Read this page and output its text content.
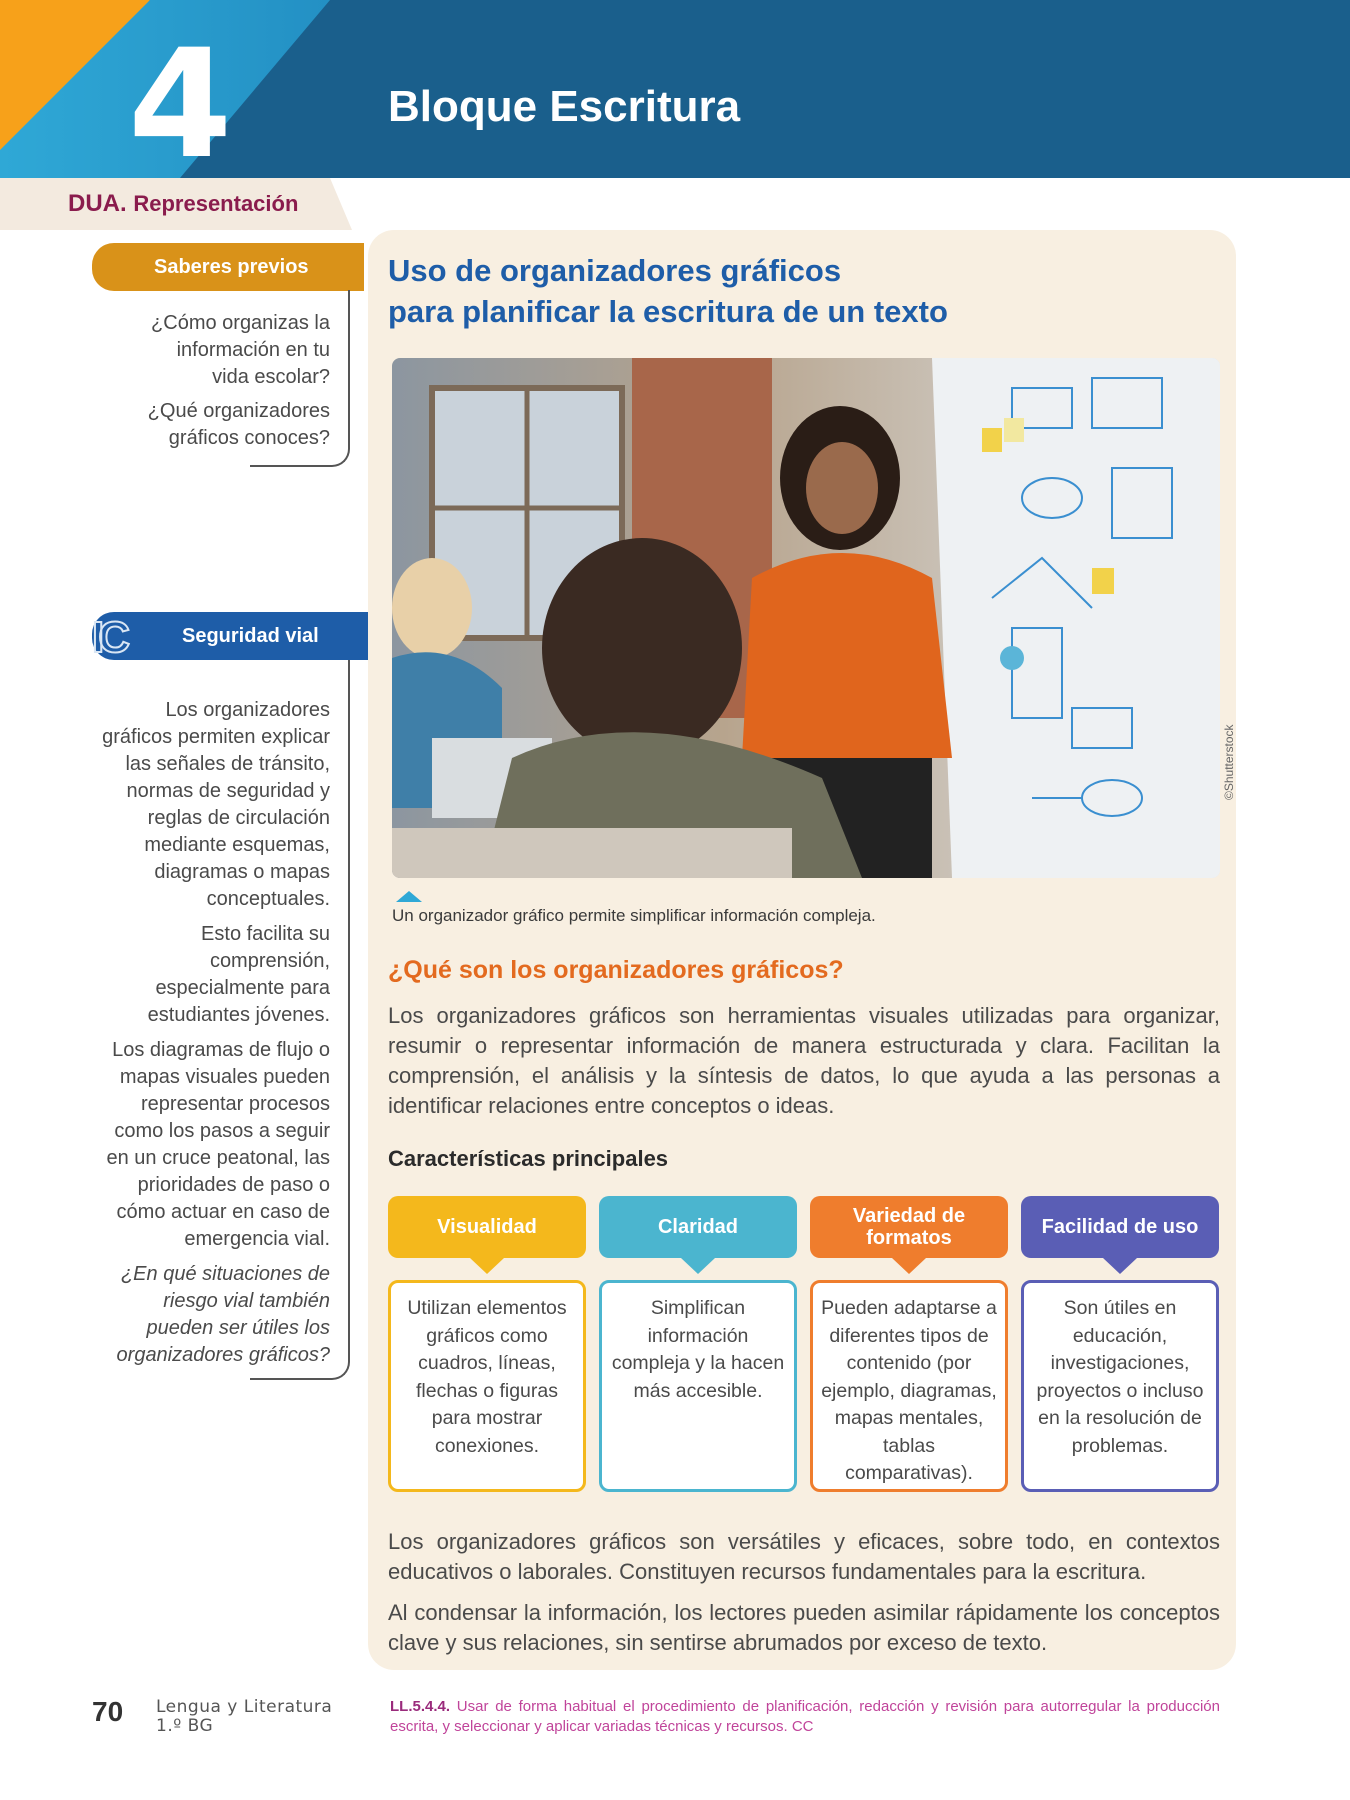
4	Bloque Escritura
DUA. Representación
Saberes previos
¿Cómo organizas la información en tu vida escolar?
¿Qué organizadores gráficos conoces?
IC	Seguridad vial
Los organizadores gráficos permiten explicar las señales de tránsito, normas de seguridad y reglas de circulación mediante esquemas, diagramas o mapas conceptuales.
Esto facilita su comprensión, especialmente para estudiantes jóvenes.
Los diagramas de flujo o mapas visuales pueden representar procesos como los pasos a seguir en un cruce peatonal, las prioridades de paso o cómo actuar en caso de emergencia vial.
¿En qué situaciones de riesgo vial también pueden ser útiles los organizadores gráficos?
Uso de organizadores gráficos
para planificar la escritura de un texto
©Shutterstock
Un organizador gráfico permite simplificar información compleja.
¿Qué son los organizadores gráficos?
Los organizadores gráficos son herramientas visuales utilizadas para organizar, resumir o representar información de manera estructurada y clara. Facilitan la comprensión, el análisis y la síntesis de datos, lo que ayuda a las personas a identificar relaciones entre conceptos o ideas.
Características principales
Visualidad
Utilizan elementos gráficos como cuadros, líneas, flechas o figuras para mostrar conexiones.
Claridad
Simplifican información compleja y la hacen más accesible.
Variedad de formatos
Pueden adaptarse a diferentes tipos de contenido (por ejemplo, diagramas, mapas mentales, tablas comparativas).
Facilidad de uso
Son útiles en educación, investigaciones, proyectos o incluso en la resolución de problemas.
Los organizadores gráficos son versátiles y eficaces, sobre todo, en contextos educativos o laborales. Constituyen recursos fundamentales para la escritura.
Al condensar la información, los lectores pueden asimilar rápidamente los conceptos clave y sus relaciones, sin sentirse abrumados por exceso de texto.
70 Lengua y Literatura
1.º BG
LL.5.4.4. Usar de forma habitual el procedimiento de planificación, redacción y revisión para autorregular la producción escrita, y seleccionar y aplicar variadas técnicas y recursos. CC
